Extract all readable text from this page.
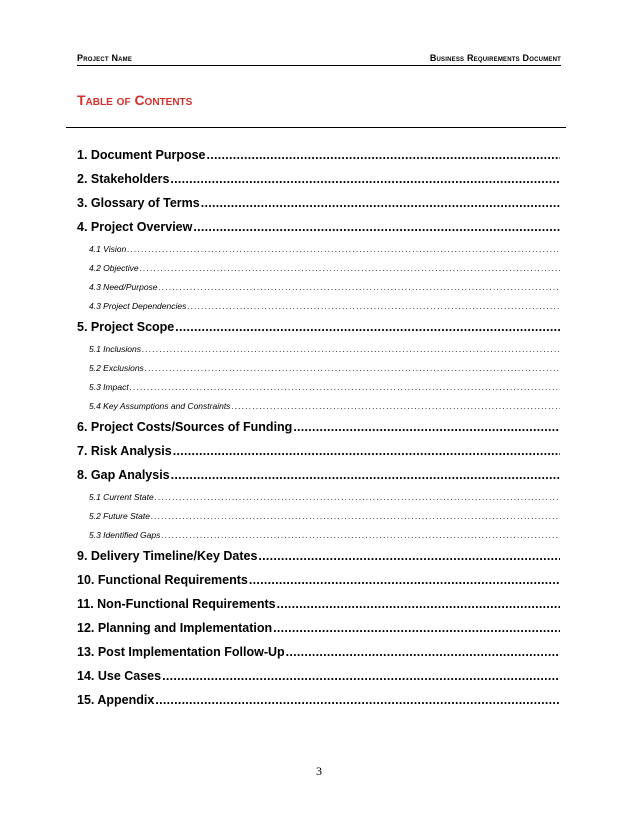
Project Name	Business Requirements Document
Table of Contents
1. Document Purpose
. . .
2. Stakeholders
. . .
3. Glossary of Terms
. . .
4. Project Overview
. . .
4.1 Vision
. . .
4.2 Objective
. . .
4.3 Need/Purpose
. . .
4.3 Project Dependencies
. . .
5. Project Scope
. . .
5.1 Inclusions
. . .
5.2 Exclusions
. . .
5.3 Impact
. . .
5.4 Key Assumptions and Constraints
. . .
6. Project Costs/Sources of Funding
. . .
7. Risk Analysis
. . .
8. Gap Analysis
. . .
5.1 Current State
. . .
5.2 Future State
. . .
5.3 Identified Gaps
. . .
9. Delivery Timeline/Key Dates
. . .
10. Functional Requirements
. . .
11. Non-Functional Requirements
. . .
12. Planning and Implementation
. . .
13. Post Implementation Follow-Up
. . .
14. Use Cases
. . .
15. Appendix
. . .
3
